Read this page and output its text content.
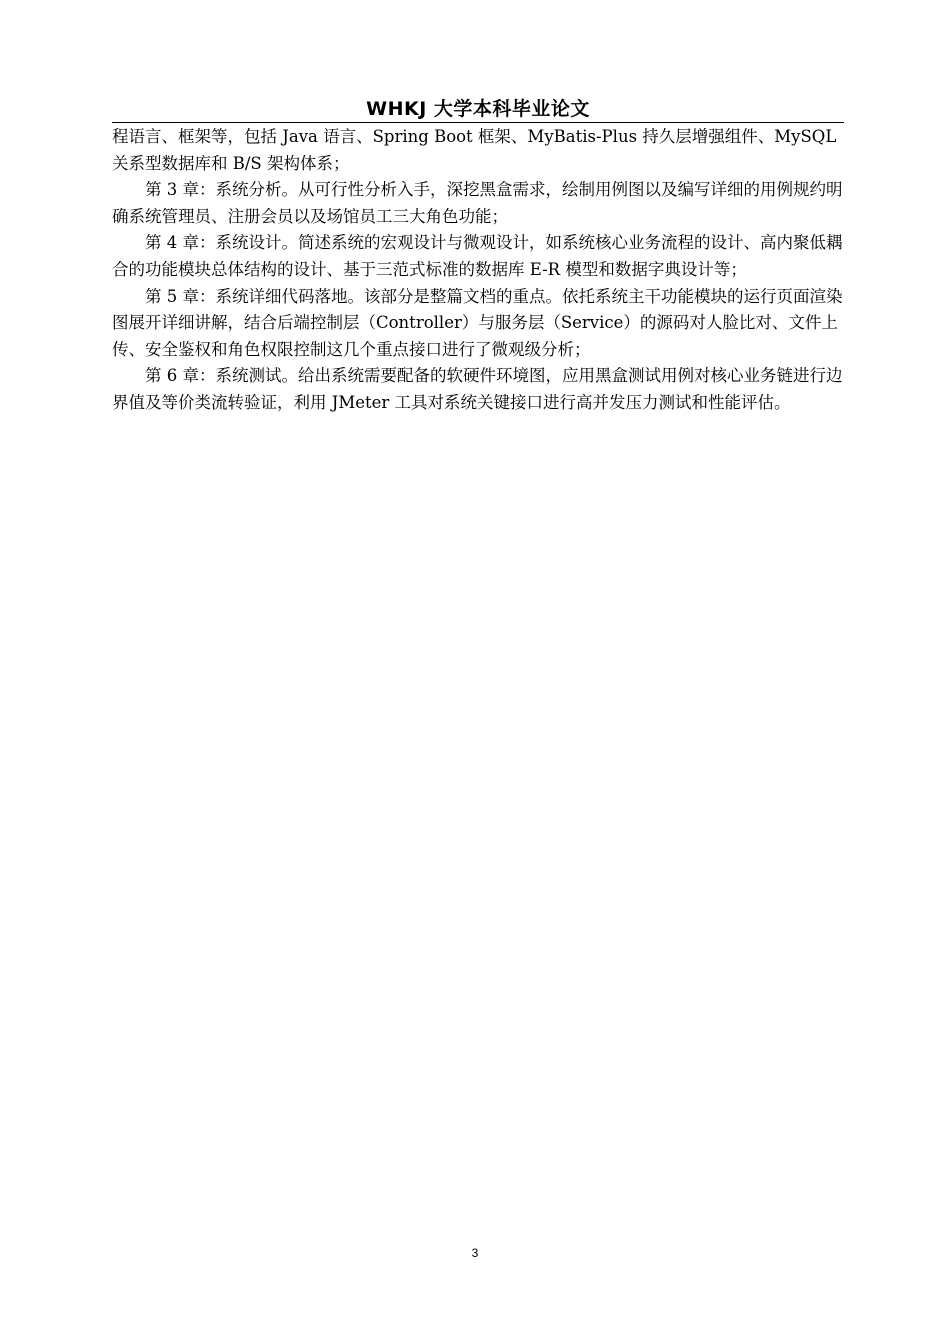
WHKJ 大学本科毕业论文

程语言、框架等，包括 Java 语言、Spring Boot 框架、MyBatis-Plus 持久层增强组件、MySQL 关系型数据库和 B/S 架构体系；

第 3 章：系统分析。从可行性分析入手，深挖黑盒需求，绘制用例图以及编写详细的用例规约明确系统管理员、注册会员以及场馆员工三大角色功能；

第 4 章：系统设计。简述系统的宏观设计与微观设计，如系统核心业务流程的设计、高内聚低耦合的功能模块总体结构的设计、基于三范式标准的数据库 E-R 模型和数据字典设计等；

第 5 章：系统详细代码落地。该部分是整篇文档的重点。依托系统主干功能模块的运行页面渲染图展开详细讲解，结合后端控制层（Controller）与服务层（Service）的源码对人脸比对、文件上传、安全鉴权和角色权限控制这几个重点接口进行了微观级分析；

第 6 章：系统测试。给出系统需要配备的软硬件环境图，应用黑盒测试用例对核心业务链进行边界值及等价类流转验证，利用 JMeter 工具对系统关键接口进行高并发压力测试和性能评估。

3
